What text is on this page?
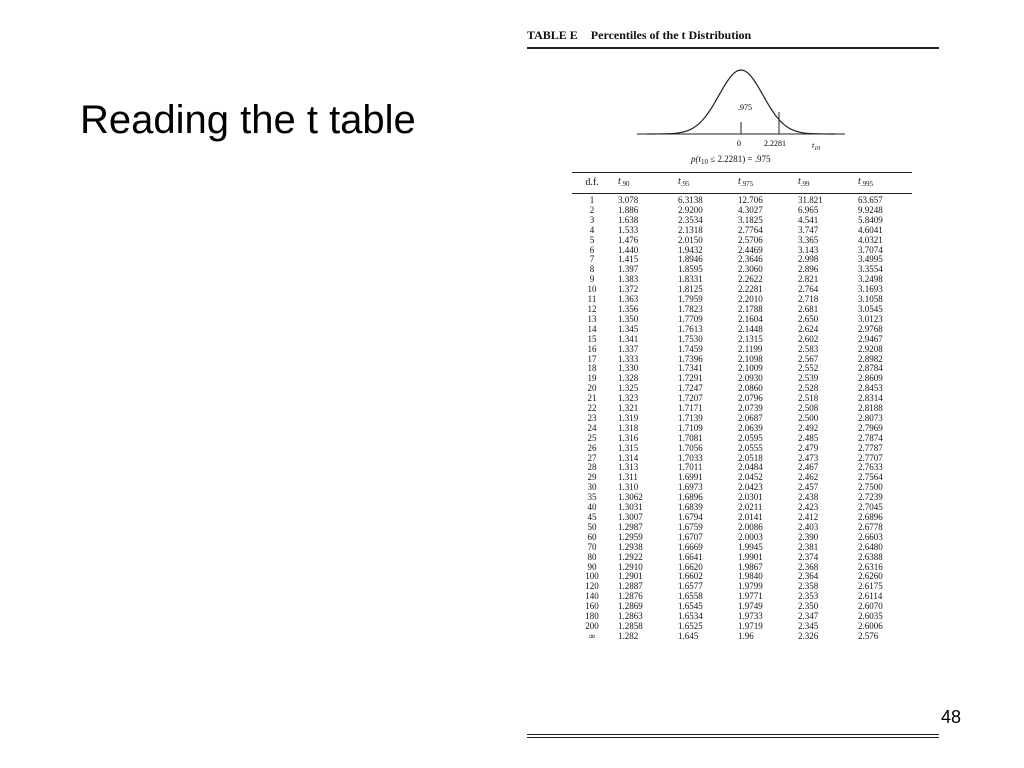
Reading the t table
TABLE E Percentiles of the t Distribution
.975
0	2.2281	$t_{10}$
$p(t_{10} \le 2.2281) = .975$
d.f.	$t_{.90}$	$t_{.95}$	$t_{.975}$	$t_{.99}$	$t_{.995}$
1	3.078	6.3138	12.706	31.821	63.657
2	1.886	2.9200	4.3027	6.965	9.9248
3	1.638	2.3534	3.1825	4.541	5.8409
4	1.533	2.1318	2.7764	3.747	4.6041
5	1.476	2.0150	2.5706	3.365	4.0321
6	1.440	1.9432	2.4469	3.143	3.7074
7	1.415	1.8946	2.3646	2.998	3.4995
8	1.397	1.8595	2.3060	2.896	3.3554
9	1.383	1.8331	2.2622	2.821	3.2498
10	1.372	1.8125	2.2281	2.764	3.1693
11	1.363	1.7959	2.2010	2.718	3.1058
12	1.356	1.7823	2.1788	2.681	3.0545
13	1.350	1.7709	2.1604	2.650	3.0123
14	1.345	1.7613	2.1448	2.624	2.9768
15	1.341	1.7530	2.1315	2.602	2.9467
16	1.337	1.7459	2.1199	2.583	2.9208
17	1.333	1.7396	2.1098	2.567	2.8982
18	1.330	1.7341	2.1009	2.552	2.8784
19	1.328	1.7291	2.0930	2.539	2.8609
20	1.325	1.7247	2.0860	2.528	2.8453
21	1.323	1.7207	2.0796	2.518	2.8314
22	1.321	1.7171	2.0739	2.508	2.8188
23	1.319	1.7139	2.0687	2.500	2.8073
24	1.318	1.7109	2.0639	2.492	2.7969
25	1.316	1.7081	2.0595	2.485	2.7874
26	1.315	1.7056	2.0555	2.479	2.7787
27	1.314	1.7033	2.0518	2.473	2.7707
28	1.313	1.7011	2.0484	2.467	2.7633
29	1.311	1.6991	2.0452	2.462	2.7564
30	1.310	1.6973	2.0423	2.457	2.7500
35	1.3062	1.6896	2.0301	2.438	2.7239
40	1.3031	1.6839	2.0211	2.423	2.7045
45	1.3007	1.6794	2.0141	2.412	2.6896
50	1.2987	1.6759	2.0086	2.403	2.6778
60	1.2959	1.6707	2.0003	2.390	2.6603
70	1.2938	1.6669	1.9945	2.381	2.6480
80	1.2922	1.6641	1.9901	2.374	2.6388
90	1.2910	1.6620	1.9867	2.368	2.6316
100	1.2901	1.6602	1.9840	2.364	2.6260
120	1.2887	1.6577	1.9799	2.358	2.6175
140	1.2876	1.6558	1.9771	2.353	2.6114
160	1.2869	1.6545	1.9749	2.350	2.6070
180	1.2863	1.6534	1.9733	2.347	2.6035
200	1.2858	1.6525	1.9719	2.345	2.6006
∞	1.282	1.645	1.96	2.326	2.576
48
